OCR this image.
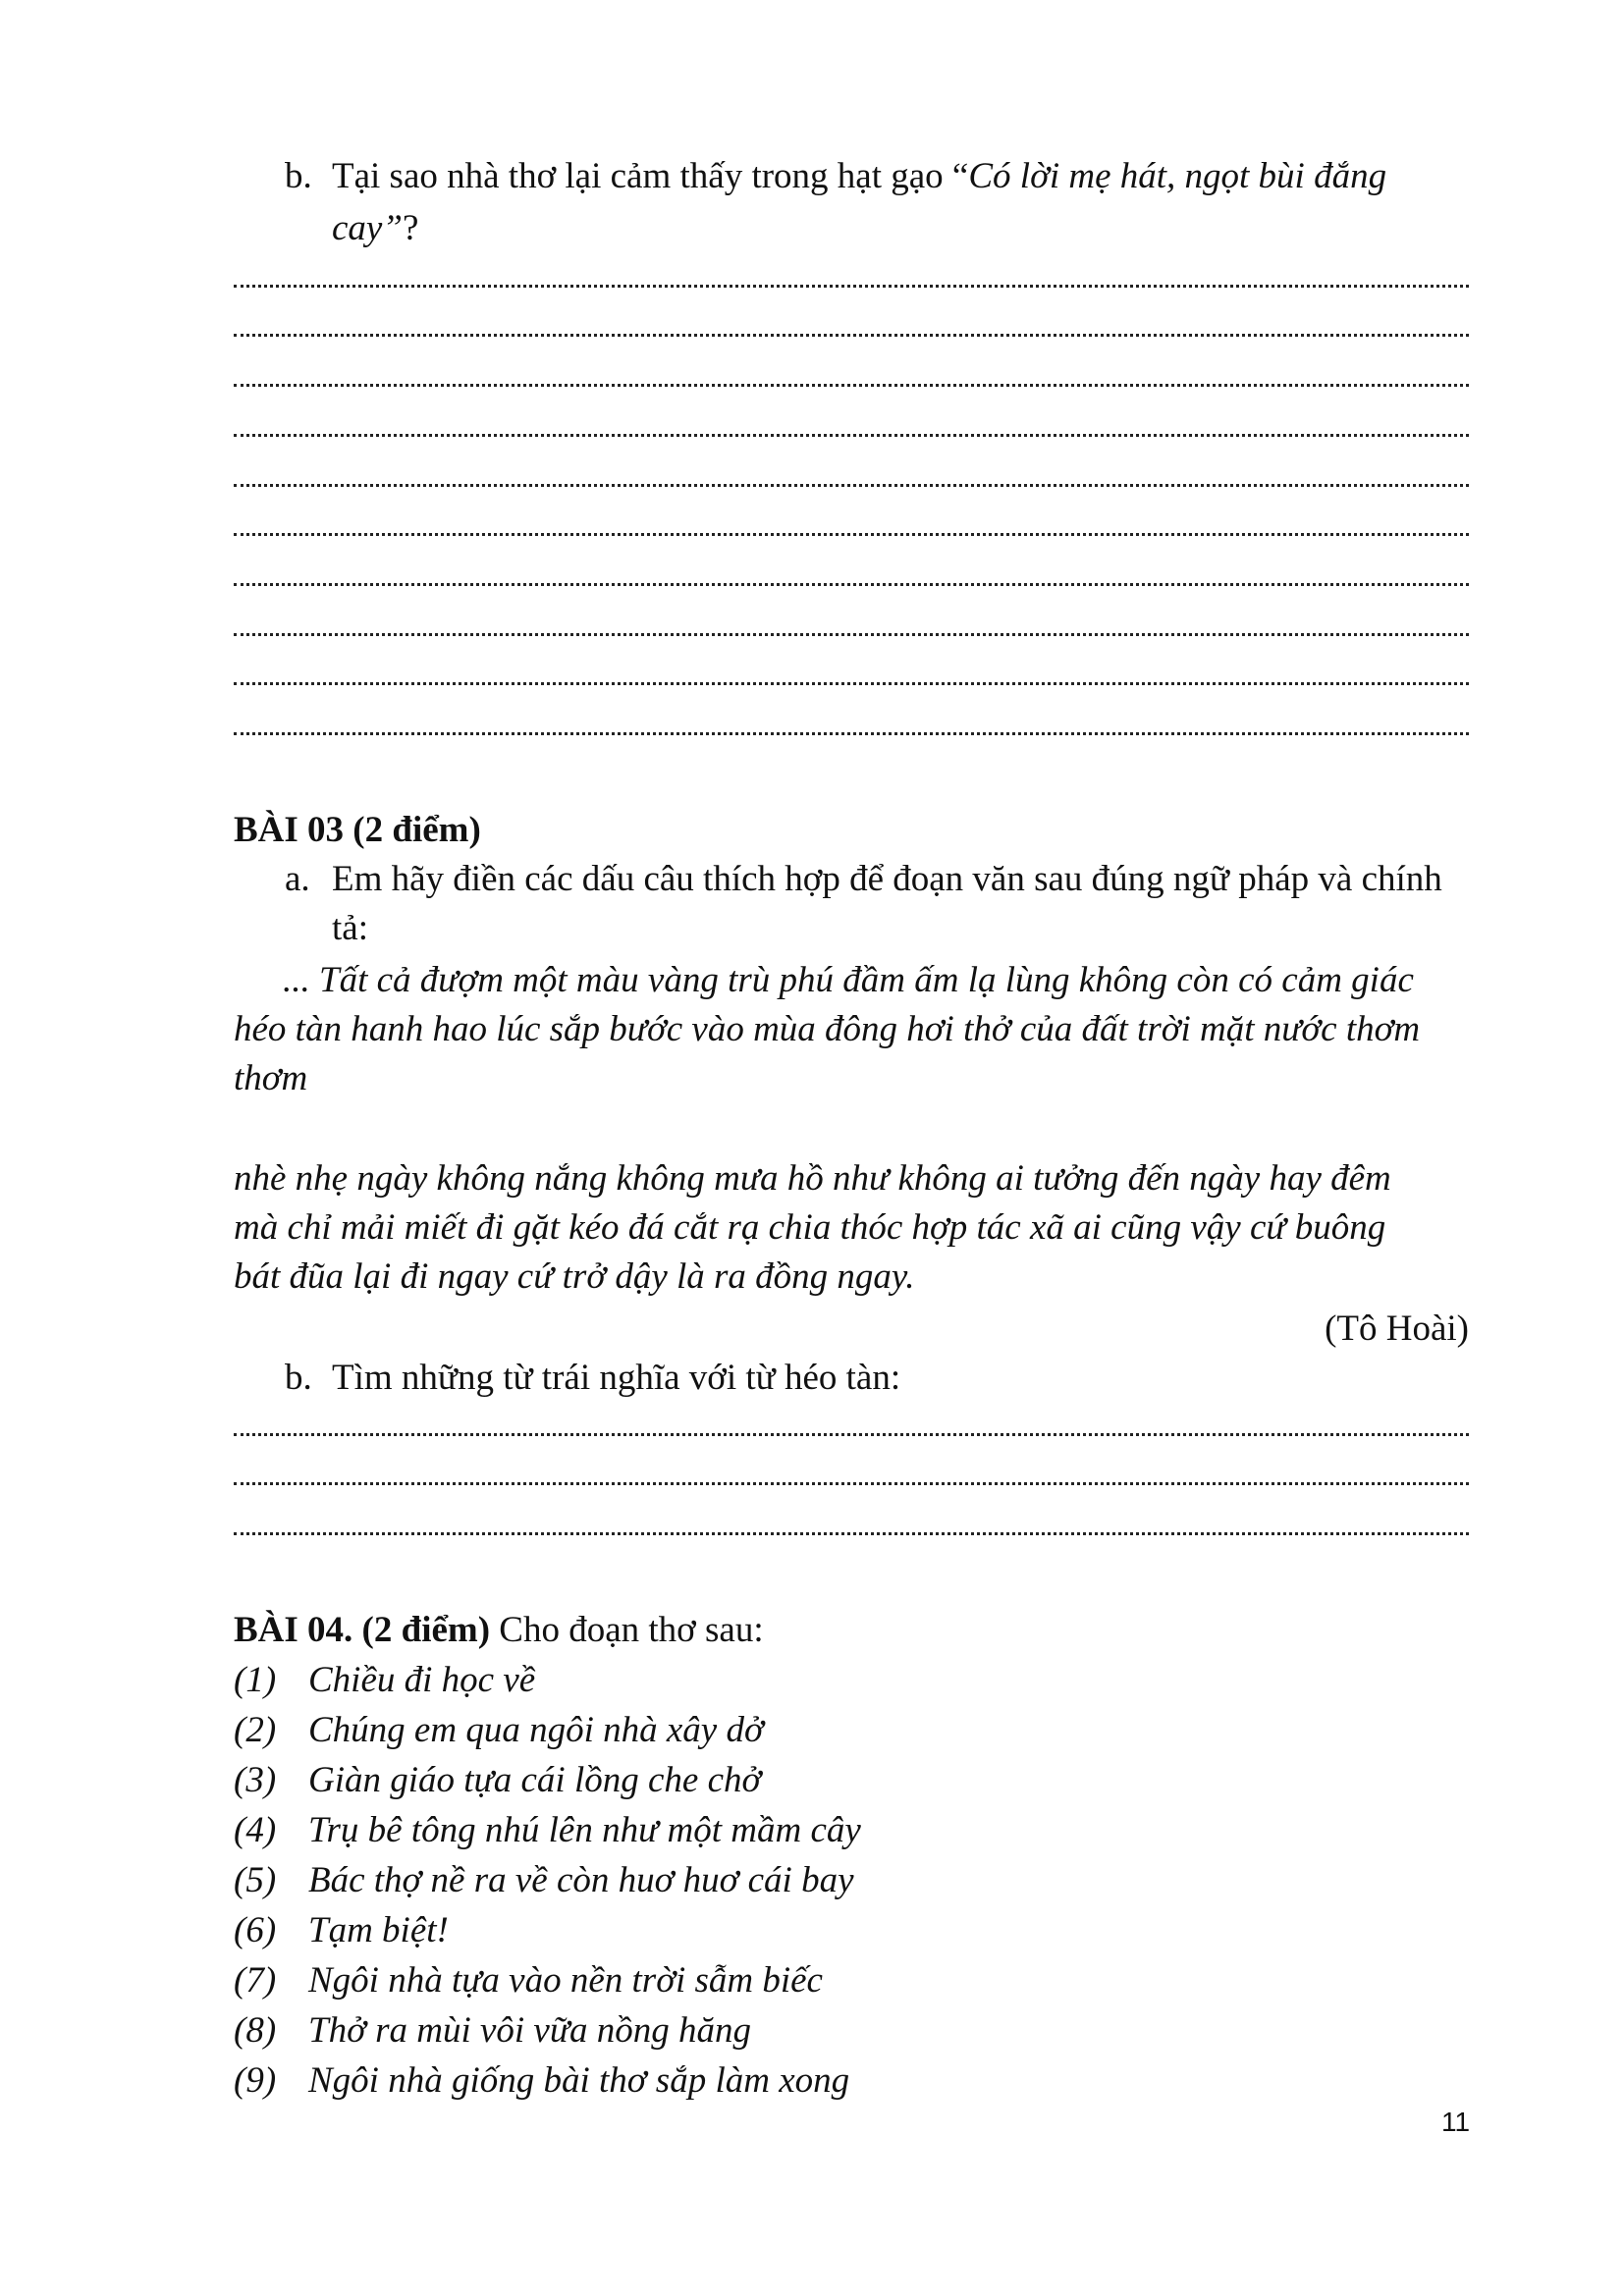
b. Tại sao nhà thơ lại cảm thấy trong hạt gạo “Có lời mẹ hát, ngọt bùi đắng
cay”?
BÀI 03 (2 điểm)
a. Em hãy điền các dấu câu thích hợp để đoạn văn sau đúng ngữ pháp và chính
tả:
... Tất cả đượm một màu vàng trù phú đầm ấm lạ lùng không còn có cảm giác
héo tàn hanh hao lúc sắp bước vào mùa đông hơi thở của đất trời mặt nước thơm
thơm
nhè nhẹ ngày không nắng không mưa hồ như không ai tưởng đến ngày hay đêm
mà chỉ mải miết đi gặt kéo đá cắt rạ chia thóc hợp tác xã ai cũng vậy cứ buông
bát đũa lại đi ngay cứ trở dậy là ra đồng ngay.
(Tô Hoài)
b. Tìm những từ trái nghĩa với từ héo tàn:
BÀI 04. (2 điểm) Cho đoạn thơ sau:
(1) Chiều đi học về
(2) Chúng em qua ngôi nhà xây dở
(3) Giàn giáo tựa cái lồng che chở
(4) Trụ bê tông nhú lên như một mầm cây
(5) Bác thợ nề ra về còn huơ huơ cái bay
(6) Tạm biệt!
(7) Ngôi nhà tựa vào nền trời sẫm biếc
(8) Thở ra mùi vôi vữa nồng hăng
(9) Ngôi nhà giống bài thơ sắp làm xong
11
